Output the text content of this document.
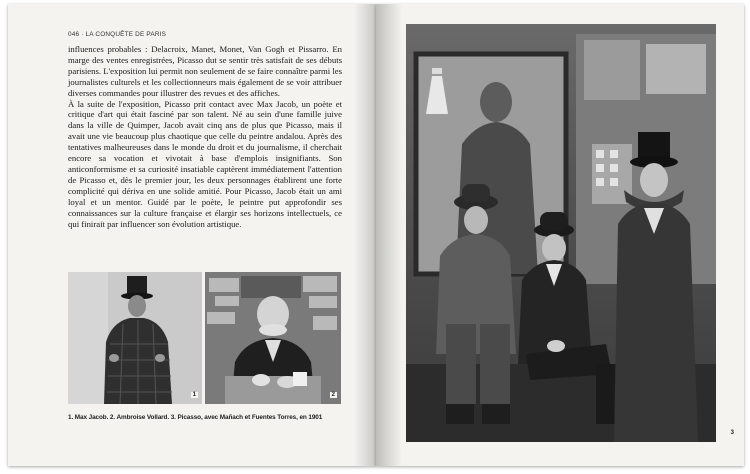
046 · LA CONQUÊTE DE PARIS

influences probables : Delacroix, Manet, Monet, Van Gogh et Pissarro. En marge des ventes enregistrées, Picasso dut se sentir très satisfait de ses débuts parisiens. L'exposition lui permit non seulement de se faire connaître parmi les journalistes culturels et les collectionneurs mais également de se voir attribuer diverses commandes pour illustrer des revues et des affiches.

À la suite de l'exposition, Picasso prit contact avec Max Jacob, un poète et critique d'art qui était fasciné par son talent. Né au sein d'une famille juive dans la ville de Quimper, Jacob avait cinq ans de plus que Picasso, mais il avait une vie beaucoup plus chaotique que celle du peintre andalou. Après des tentatives malheureuses dans le monde du droit et du journalisme, il cherchait encore sa vocation et vivotait à base d'emplois insignifiants. Son anticonformisme et sa curiosité insatiable captèrent immédiatement l'attention de Picasso et, dès le premier jour, les deux personnages établirent une forte complicité qui dériva en une solide amitié. Pour Picasso, Jacob était un ami loyal et un mentor. Guidé par le poète, le peintre put approfondir ses connaissances sur la culture française et élargir ses horizons intellectuels, ce qui finirait par influencer son évolution artistique.

1	2
1. Max Jacob. 2. Ambroise Vollard. 3. Picasso, avec Mañach et Fuentes Torres, en 1901
3
